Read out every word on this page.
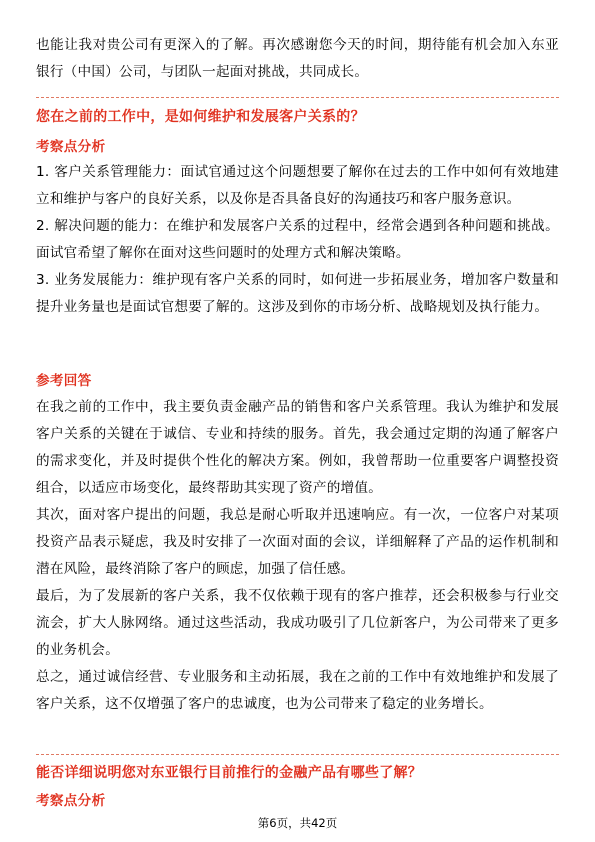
也能让我对贵公司有更深入的了解。再次感谢您今天的时间，期待能有机会加入东亚银行（中国）公司，与团队一起面对挑战，共同成长。

您在之前的工作中，是如何维护和发展客户关系的？
考察点分析

1. 客户关系管理能力：面试官通过这个问题想要了解你在过去的工作中如何有效地建立和维护与客户的良好关系，以及你是否具备良好的沟通技巧和客户服务意识。

2. 解决问题的能力：在维护和发展客户关系的过程中，经常会遇到各种问题和挑战。面试官希望了解你在面对这些问题时的处理方式和解决策略。

3. 业务发展能力：维护现有客户关系的同时，如何进一步拓展业务，增加客户数量和提升业务量也是面试官想要了解的。这涉及到你的市场分析、战略规划及执行能力。

参考回答

在我之前的工作中，我主要负责金融产品的销售和客户关系管理。我认为维护和发展客户关系的关键在于诚信、专业和持续的服务。首先，我会通过定期的沟通了解客户的需求变化，并及时提供个性化的解决方案。例如，我曾帮助一位重要客户调整投资组合，以适应市场变化，最终帮助其实现了资产的增值。

其次，面对客户提出的问题，我总是耐心听取并迅速响应。有一次，一位客户对某项投资产品表示疑虑，我及时安排了一次面对面的会议，详细解释了产品的运作机制和潜在风险，最终消除了客户的顾虑，加强了信任感。

最后，为了发展新的客户关系，我不仅依赖于现有的客户推荐，还会积极参与行业交流会，扩大人脉网络。通过这些活动，我成功吸引了几位新客户，为公司带来了更多的业务机会。

总之，通过诚信经营、专业服务和主动拓展，我在之前的工作中有效地维护和发展了客户关系，这不仅增强了客户的忠诚度，也为公司带来了稳定的业务增长。

能否详细说明您对东亚银行目前推行的金融产品有哪些了解？
考察点分析
第6页，共42页
